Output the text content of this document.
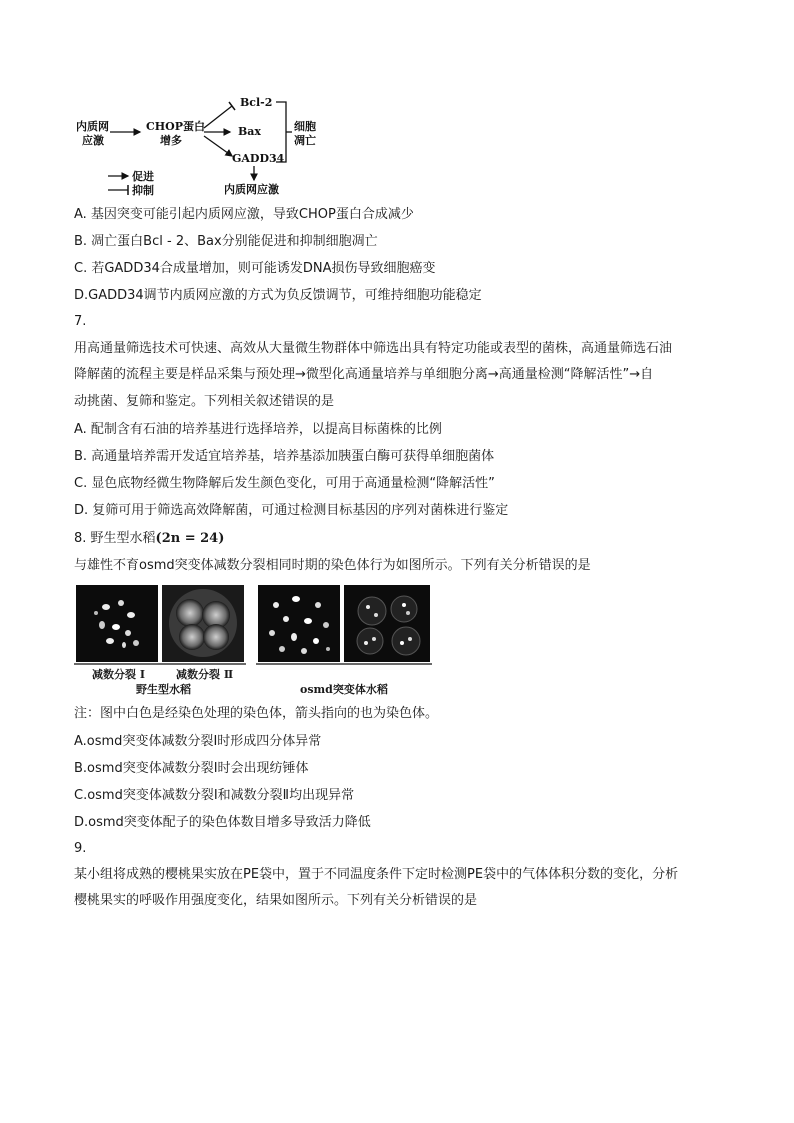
内质网
应激
CHOP蛋白
增多
Bcl-2
Bax
GADD34
细胞
凋亡
内质网应激
促进
抑制
A. 基因突变可能引起内质网应激，导致CHOP蛋白合成减少
B. 凋亡蛋白Bcl - 2、Bax分别能促进和抑制细胞凋亡
C. 若GADD34合成量增加，则可能诱发DNA损伤导致细胞癌变
D.GADD34调节内质网应激的方式为负反馈调节，可维持细胞功能稳定
7.
用高通量筛选技术可快速、高效从大量微生物群体中筛选出具有特定功能或表型的菌株，高通量筛选石油
降解菌的流程主要是样品采集与预处理→微型化高通量培养与单细胞分离→高通量检测“降解活性”→自
动挑菌、复筛和鉴定。下列相关叙述错误的是
A. 配制含有石油的培养基进行选择培养，以提高目标菌株的比例
B. 高通量培养需开发适宜培养基，培养基添加胰蛋白酶可获得单细胞菌体
C. 显色底物经微生物降解后发生颜色变化，可用于高通量检测“降解活性”
D. 复筛可用于筛选高效降解菌，可通过检测目标基因的序列对菌株进行鉴定
8. 野生型水稻(2n = 24)
与雄性不育osmd突变体减数分裂相同时期的染色体行为如图所示。下列有关分析错误的是
减数分裂 Ⅰ	减数分裂 Ⅱ
野生型水稻	osmd突变体水稻
注：图中白色是经染色处理的染色体，箭头指向的也为染色体。
A.osmd突变体减数分裂Ⅰ时形成四分体异常
B.osmd突变体减数分裂Ⅰ时会出现纺锤体
C.osmd突变体减数分裂Ⅰ和减数分裂Ⅱ均出现异常
D.osmd突变体配子的染色体数目增多导致活力降低
9.
某小组将成熟的樱桃果实放在PE袋中，置于不同温度条件下定时检测PE袋中的气体体积分数的变化，分析
樱桃果实的呼吸作用强度变化，结果如图所示。下列有关分析错误的是
